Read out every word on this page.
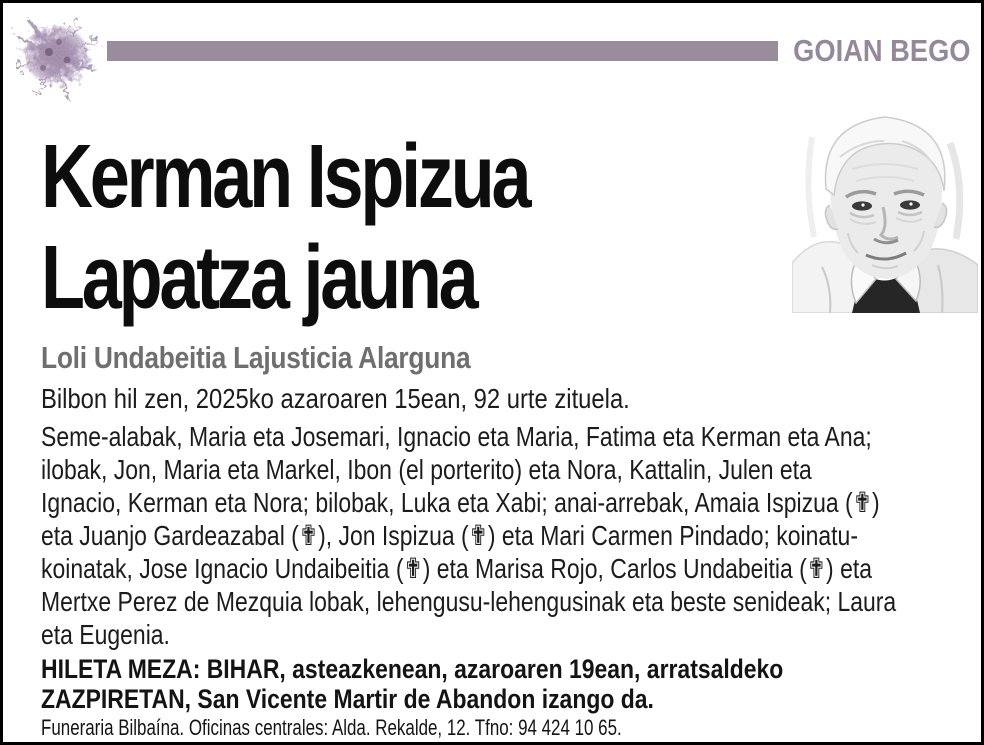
GOIAN BEGO
Kerman Ispizua
Lapatza jauna
Loli Undabeitia Lajusticia Alarguna
Bilbon hil zen, 2025ko azaroaren 15ean, 92 urte zituela.
Seme-alabak, Maria eta Josemari, Ignacio eta Maria, Fatima eta Kerman eta Ana;
ilobak, Jon, Maria eta Markel, Ibon (el porterito) eta Nora, Kattalin, Julen eta
Ignacio, Kerman eta Nora; bilobak, Luka eta Xabi; anai-arrebak, Amaia Ispizua (✟)
eta Juanjo Gardeazabal (✟), Jon Ispizua (✟) eta Mari Carmen Pindado; koinatu-
koinatak, Jose Ignacio Undaibeitia (✟) eta Marisa Rojo, Carlos Undabeitia (✟) eta
Mertxe Perez de Mezquia lobak, lehengusu-lehengusinak eta beste senideak; Laura
eta Eugenia.
HILETA MEZA: BIHAR, asteazkenean, azaroaren 19ean, arratsaldeko
ZAZPIRETAN, San Vicente Martir de Abandon izango da.
Funeraria Bilbaína. Oficinas centrales: Alda. Rekalde, 12. Tfno: 94 424 10 65.
